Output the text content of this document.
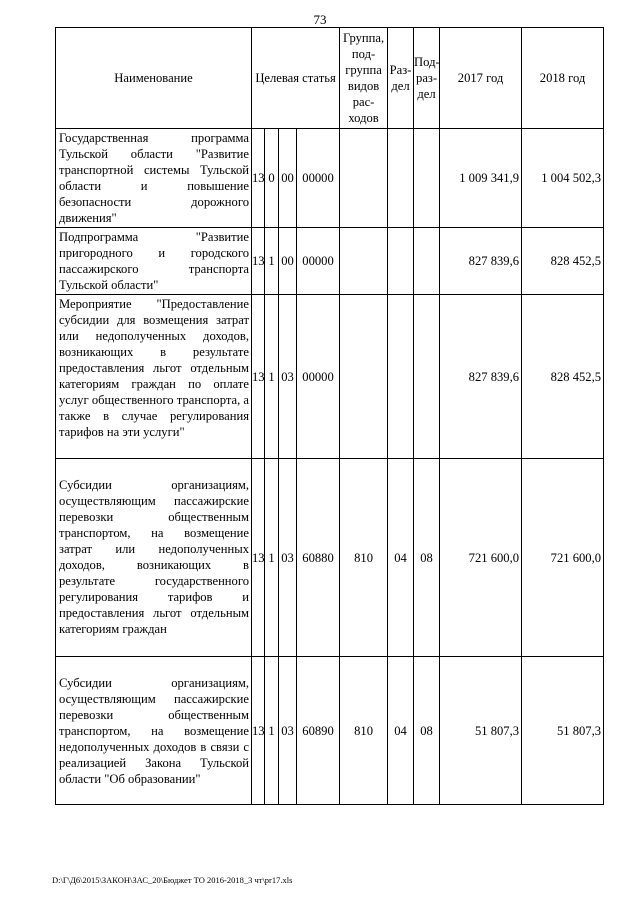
73
Наименование	Целевая статья				Группа, под-группа видов рас-ходов	Раз-дел	Под-раз-дел	2017 год	2018 год
Государственная программа Тульской области "Развитие транспортной системы Тульской области и повышение безопасности дорожного движения"	13	0	00	00000				1 009 341,9	1 004 502,3
Подпрограмма "Развитие пригородного и городского пассажирского транспорта Тульской области"	13	1	00	00000				827 839,6	828 452,5
Мероприятие "Предоставление субсидии для возмещения затрат или недополученных доходов, возникающих в результате предоставления льгот отдельным категориям граждан по оплате услуг общественного транспорта, а также в случае регулирования тарифов на эти услуги"	13	1	03	00000				827 839,6	828 452,5
Субсидии организациям, осуществляющим пассажирские перевозки общественным транспортом, на возмещение затрат или недополученных доходов, возникающих в результате государственного регулирования тарифов и предоставления льгот отдельным категориям граждан	13	1	03	60880	810	04	08	721 600,0	721 600,0
Субсидии организациям, осуществляющим пассажирские перевозки общественным транспортом, на возмещение недополученных доходов в связи с реализацией Закона Тульской области "Об образовании"	13	1	03	60890	810	04	08	51 807,3	51 807,3
D:\Г\Д6\2015\ЗАКОН\ЗАС_20\Бюджет ТО 2016-2018_3 чт\pr17.xls
